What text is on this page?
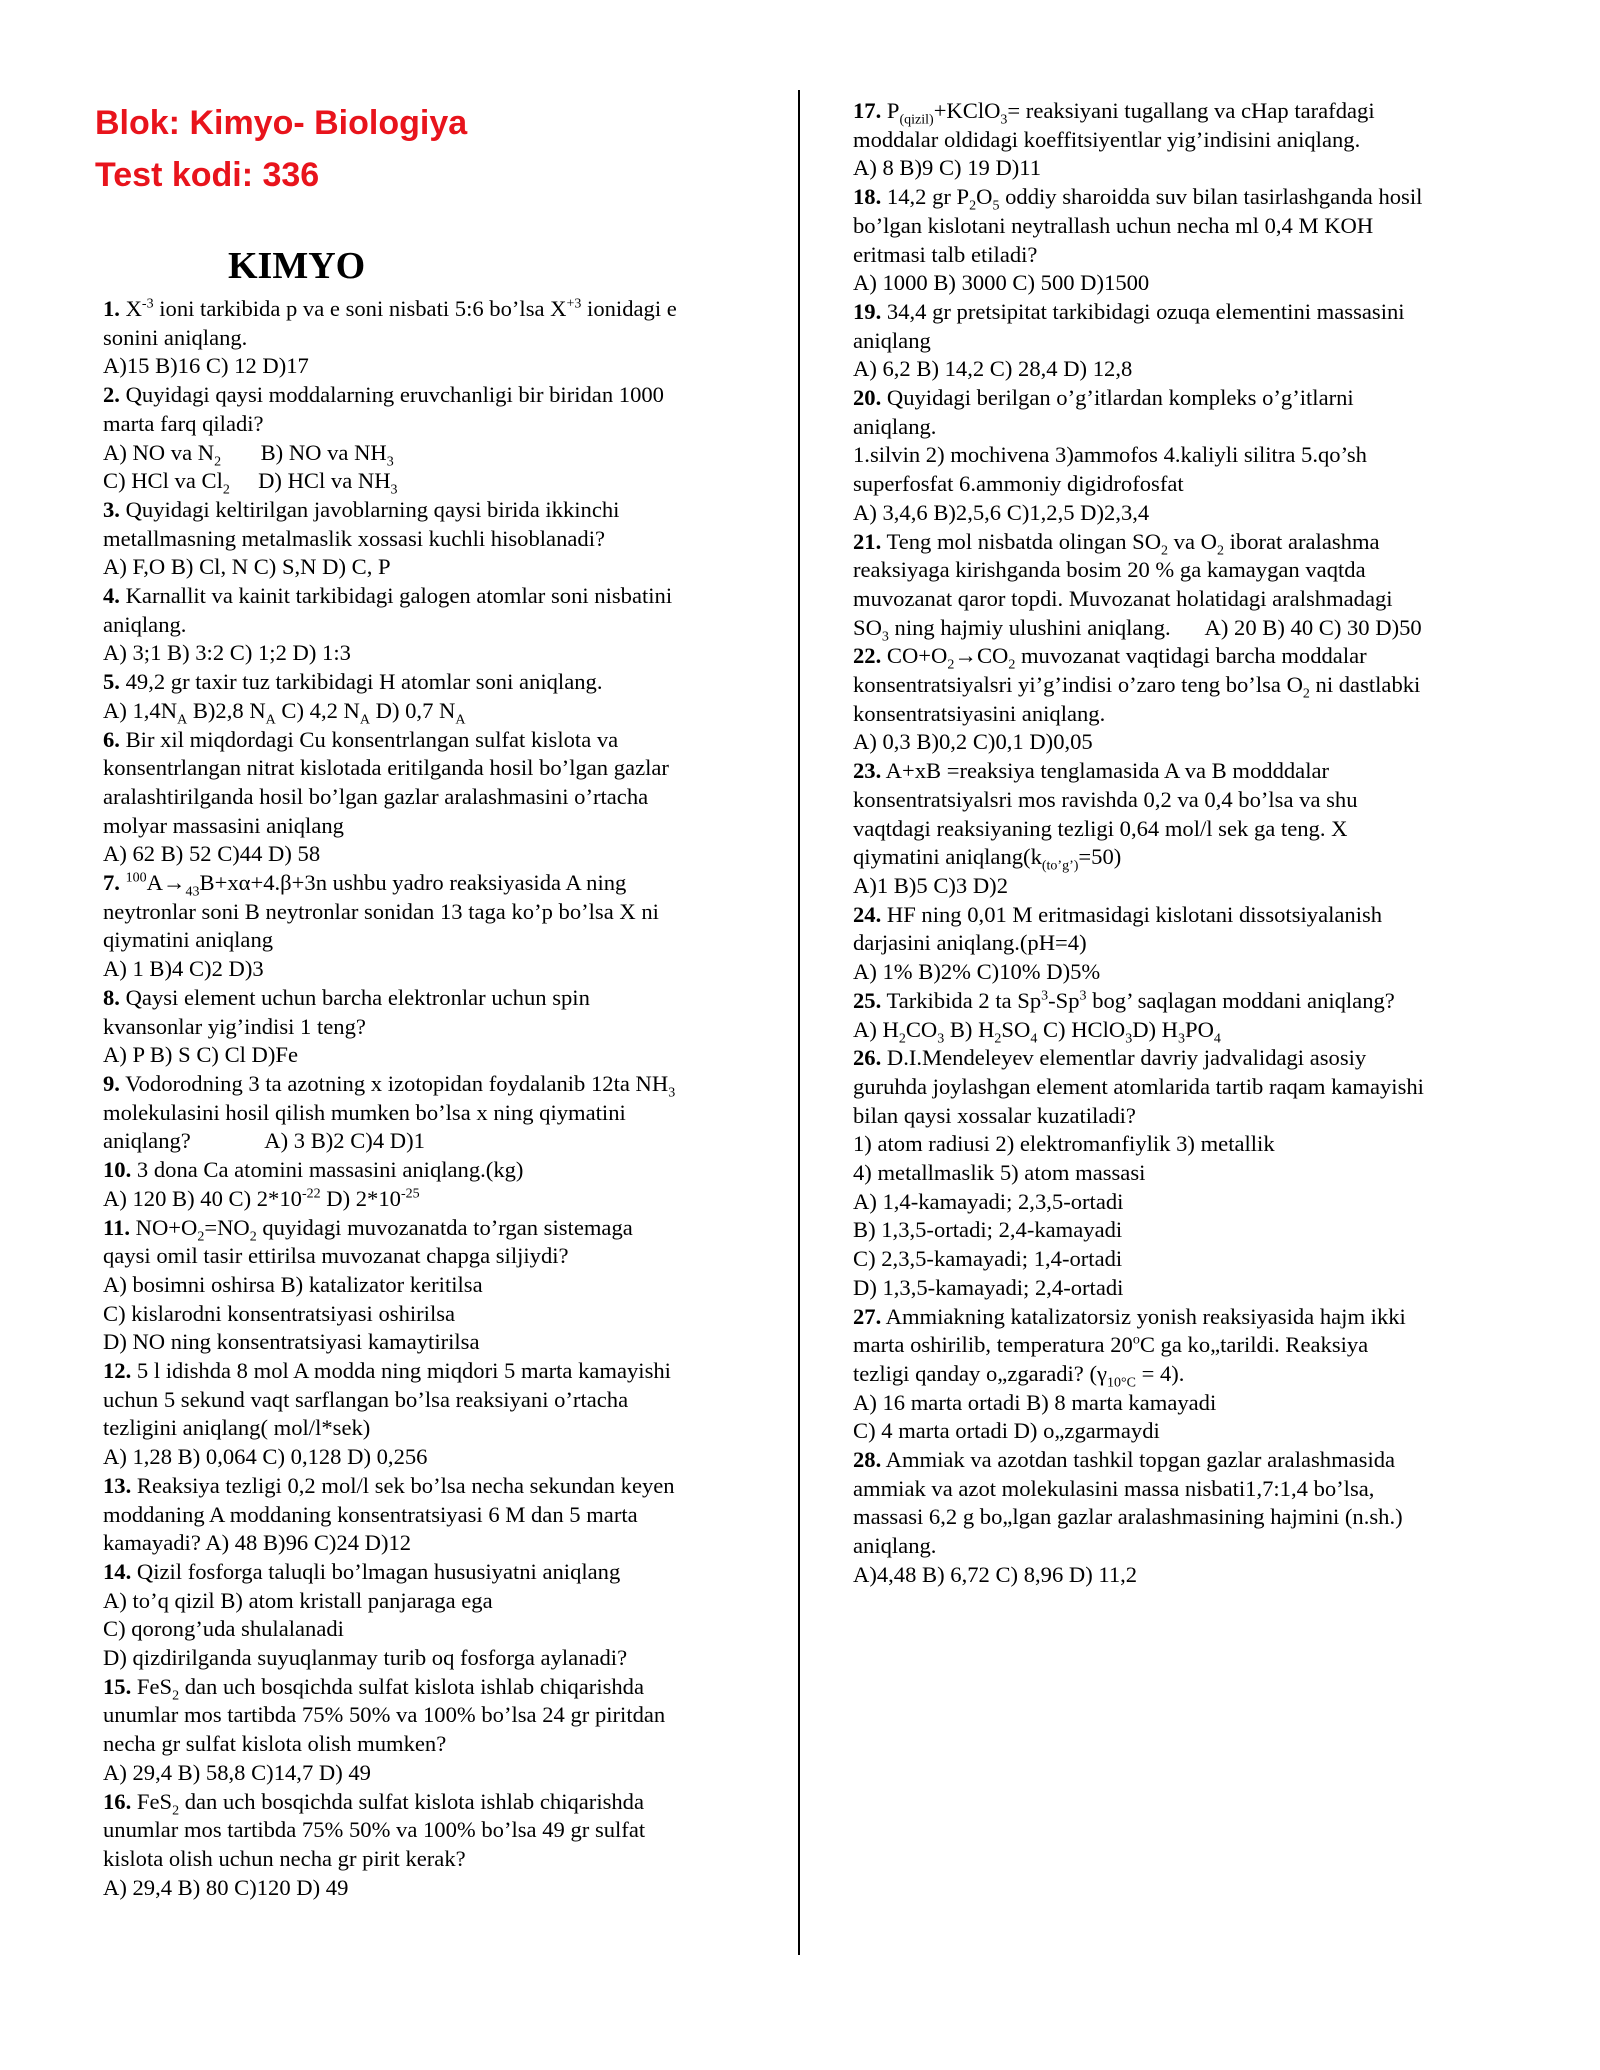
Blok: Kimyo- Biologiya
Test kodi: 336
KIMYO
1. $X^{-3}$ ioni tarkibida p va e soni nisbati 5:6 bo’lsa $X^{+3}$ ionidagi e
sonini aniqlang.
A)15 B)16 C) 12 D)17
2. Quyidagi qaysi moddalarning eruvchanligi bir biridan 1000
marta farq qiladi?
A) NO va $N_2$       B) NO va $NH_3$
C) HCl va $Cl_2$     D) HCl va $NH_3$
3. Quyidagi keltirilgan javoblarning qaysi birida ikkinchi
metallmasning metalmaslik xossasi kuchli hisoblanadi?
A) F,O B) Cl, N C) S,N D) C, P
4. Karnallit va kainit tarkibidagi galogen atomlar soni nisbatini
aniqlang.
A) 3;1 B) 3:2 C) 1;2 D) 1:3
5. 49,2 gr taxir tuz tarkibidagi H atomlar soni aniqlang.
A) $1,4N_A$ B)2,8 $N_A$ C) 4,2 $N_A$ D) 0,7 $N_A$
6. Bir xil miqdordagi Cu konsentrlangan sulfat kislota va
konsentrlangan nitrat kislotada eritilganda hosil bo’lgan gazlar
aralashtirilganda hosil bo’lgan gazlar aralashmasini o’rtacha
molyar massasini aniqlang
A) 62 B) 52 C)44 D) 58
7. $^{100}A\to_{43}B+x\alpha+4.\beta+3n$ ushbu yadro reaksiyasida A ning
neytronlar soni B neytronlar sonidan 13 taga ko’p bo’lsa X ni
qiymatini aniqlang
A) 1 B)4 C)2 D)3
8. Qaysi element uchun barcha elektronlar uchun spin
kvansonlar yig’indisi 1 teng?
A) P B) S C) Cl D)Fe
9. Vodorodning 3 ta azotning x izotopidan foydalanib 12ta $NH_3$
molekulasini hosil qilish mumken bo’lsa x ning qiymatini
aniqlang?             A) 3 B)2 C)4 D)1
10. 3 dona Ca atomini massasini aniqlang.(kg)
A) 120 B) 40 C) $2*10^{-22}$ D) $2*10^{-25}$
11. $NO+O_2=NO_2$ quyidagi muvozanatda to’rgan sistemaga
qaysi omil tasir ettirilsa muvozanat chapga siljiydi?
A) bosimni oshirsa B) katalizator keritilsa
C) kislarodni konsentratsiyasi oshirilsa
D) NO ning konsentratsiyasi kamaytirilsa
12. 5 l idishda 8 mol A modda ning miqdori 5 marta kamayishi
uchun 5 sekund vaqt sarflangan bo’lsa reaksiyani o’rtacha
tezligini aniqlang( mol/l*sek)
A) 1,28 B) 0,064 C) 0,128 D) 0,256
13. Reaksiya tezligi 0,2 mol/l sek bo’lsa necha sekundan keyen
moddaning A moddaning konsentratsiyasi 6 M dan 5 marta
kamayadi? A) 48 B)96 C)24 D)12
14. Qizil fosforga taluqli bo’lmagan hususiyatni aniqlang
A) to’q qizil B) atom kristall panjaraga ega
C) qorong’uda shulalanadi
D) qizdirilganda suyuqlanmay turib oq fosforga aylanadi?
15. FeS$_2$ dan uch bosqichda sulfat kislota ishlab chiqarishda
unumlar mos tartibda 75% 50% va 100% bo’lsa 24 gr piritdan
necha gr sulfat kislota olish mumken?
A) 29,4 B) 58,8 C)14,7 D) 49
16. FeS$_2$ dan uch bosqichda sulfat kislota ishlab chiqarishda
unumlar mos tartibda 75% 50% va 100% bo’lsa 49 gr sulfat
kislota olish uchun necha gr pirit kerak?
A) 29,4 B) 80 C)120 D) 49
17. $P_{(qizil)}+KClO_3=$ reaksiyani tugallang va cHap tarafdagi
moddalar oldidagi koeffitsiyentlar yig’indisini aniqlang.
A) 8 B)9 C) 19 D)11
18. 14,2 gr $P_2O_5$ oddiy sharoidda suv bilan tasirlashganda hosil
bo’lgan kislotani neytrallash uchun necha ml 0,4 M KOH
eritmasi talb etiladi?
A) 1000 B) 3000 C) 500 D)1500
19. 34,4 gr pretsipitat tarkibidagi ozuqa elementini massasini
aniqlang
A) 6,2 B) 14,2 C) 28,4 D) 12,8
20. Quyidagi berilgan o’g’itlardan kompleks o’g’itlarni
aniqlang.
1.silvin 2) mochivena 3)ammofos 4.kaliyli silitra 5.qo’sh
superfosfat 6.ammoniy digidrofosfat
A) 3,4,6 B)2,5,6 C)1,2,5 D)2,3,4
21. Teng mol nisbatda olingan $SO_2$ va $O_2$ iborat aralashma
reaksiyaga kirishganda bosim 20 % ga kamaygan vaqtda
muvozanat qaror topdi. Muvozanat holatidagi aralshmadagi
$SO_3$ ning hajmiy ulushini aniqlang.      A) 20 B) 40 C) 30 D)50
22. $CO+O_2\to CO_2$ muvozanat vaqtidagi barcha moddalar
konsentratsiyalsri yi’g’indisi o’zaro teng bo’lsa $O_2$ ni dastlabki
konsentratsiyasini aniqlang.
A) 0,3 B)0,2 C)0,1 D)0,05
23. A+xB =reaksiya tenglamasida A va B modddalar
konsentratsiyalsri mos ravishda 0,2 va 0,4 bo’lsa va shu
vaqtdagi reaksiyaning tezligi 0,64 mol/l sek ga teng. X
qiymatini $aniqlang(k_{(to’g’)}=50)$
A)1 B)5 C)3 D)2
24. HF ning 0,01 M eritmasidagi kislotani dissotsiyalanish
darjasini aniqlang.(pH=4)
A) 1% B)2% C)10% D)5%
25. Tarkibida 2 ta Sp$^3$-Sp$^3$ bog’ saqlagan moddani aniqlang?
A) $H_2CO_3$ B) $H_2SO_4$ C) HClO$_3$D) $H_3PO_4$
26. D.I.Mendeleyev elementlar davriy jadvalidagi asosiy
guruhda joylashgan element atomlarida tartib raqam kamayishi
bilan qaysi xossalar kuzatiladi?
1) atom radiusi 2) elektromanfiylik 3) metallik
4) metallmaslik 5) atom massasi
A) 1,4-kamayadi; 2,3,5-ortadi
B) 1,3,5-ortadi; 2,4-kamayadi
C) 2,3,5-kamayadi; 1,4-ortadi
D) 1,3,5-kamayadi; 2,4-ortadi
27. Ammiakning katalizatorsiz yonish reaksiyasida hajm ikki
marta oshirilib, temperatura 20$^o$C ga ko„tarildi. Reaksiya
tezligi qanday o„zgaradi? $(\gamma_{10^\circ C} = 4)$.
A) 16 marta ortadi B) 8 marta kamayadi
C) 4 marta ortadi D) o„zgarmaydi
28. Ammiak va azotdan tashkil topgan gazlar aralashmasida
ammiak va azot molekulasini massa nisbati1,7:1,4 bo’lsa,
massasi 6,2 g bo„lgan gazlar aralashmasining hajmini (n.sh.)
aniqlang.
A)4,48 B) 6,72 C) 8,96 D) 11,2
